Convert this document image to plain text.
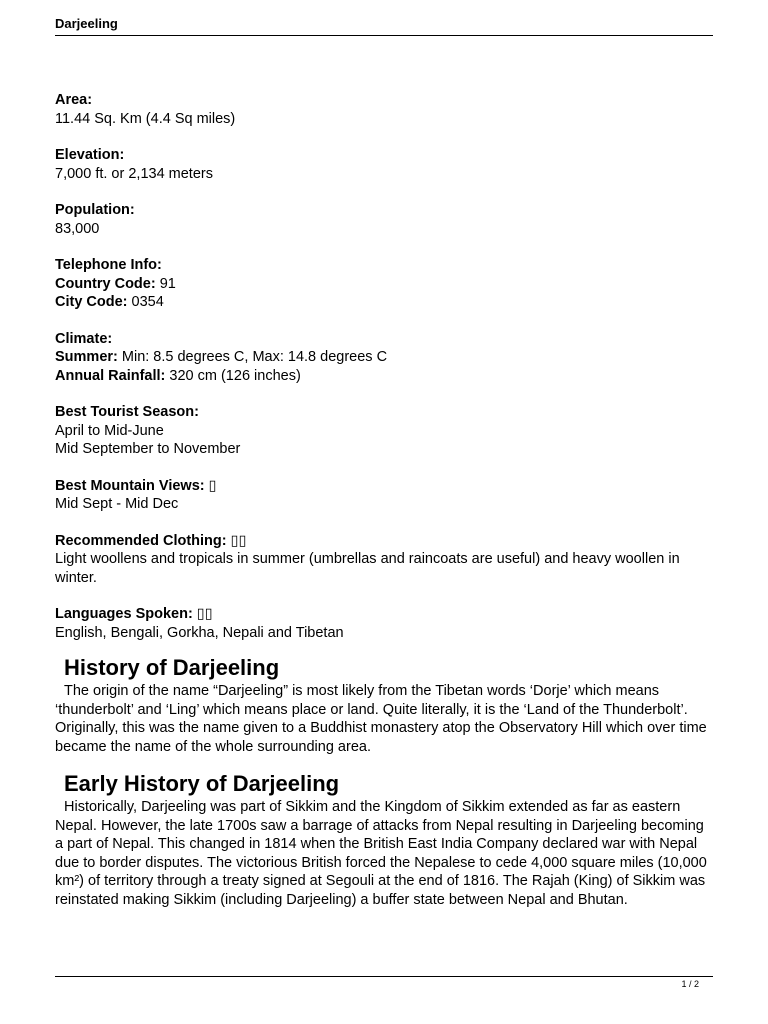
Darjeeling

Area:

11.44 Sq. Km (4.4 Sq miles)

Elevation:

7,000 ft. or 2,134 meters

Population:

83,000

Telephone Info:

Country Code: 91

City Code: 0354

Climate:

Summer: Min: 8.5 degrees C, Max: 14.8 degrees C

Annual Rainfall: 320 cm (126 inches)

Best Tourist Season:

April to Mid-June

Mid September to November

Best Mountain Views: ▯

Mid Sept - Mid Dec

Recommended Clothing: ▯▯

Light woollens and tropicals in summer (umbrellas and raincoats are useful) and heavy woollen in winter.

Languages Spoken: ▯▯

English, Bengali, Gorkha, Nepali and Tibetan

History of Darjeeling

The origin of the name “Darjeeling” is most likely from the Tibetan words ‘Dorje’ which means ‘thunderbolt’ and ‘Ling’ which means place or land. Quite literally, it is the ‘Land of the Thunderbolt’. Originally, this was the name given to a Buddhist monastery atop the Observatory Hill which over time became the name of the whole surrounding area.

Early History of Darjeeling

Historically, Darjeeling was part of Sikkim and the Kingdom of Sikkim extended as far as eastern Nepal. However, the late 1700s saw a barrage of attacks from Nepal resulting in Darjeeling becoming a part of Nepal. This changed in 1814 when the British East India Company declared war with Nepal due to border disputes. The victorious British forced the Nepalese to cede 4,000 square miles (10,000 km²) of territory through a treaty signed at Segouli at the end of 1816. The Rajah (King) of Sikkim was reinstated making Sikkim (including Darjeeling) a buffer state between Nepal and Bhutan.

1 / 2
